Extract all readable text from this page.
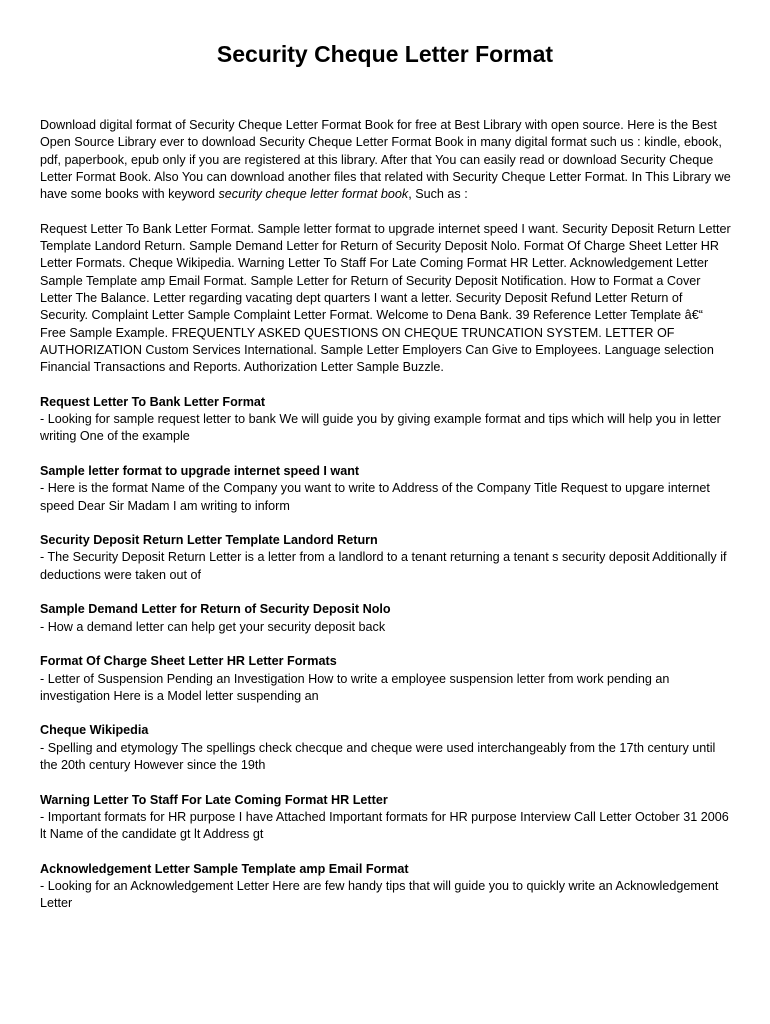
Security Cheque Letter Format

Download digital format of Security Cheque Letter Format Book for free at Best Library with open source. Here is the Best Open Source Library ever to download Security Cheque Letter Format Book in many digital format such us : kindle, ebook, pdf, paperbook, epub only if you are registered at this library. After that You can easily read or download Security Cheque Letter Format Book. Also You can download another files that related with Security Cheque Letter Format. In This Library we have some books with keyword security cheque letter format book, Such as :

Request Letter To Bank Letter Format. Sample letter format to upgrade internet speed I want. Security Deposit Return Letter Template Landord Return. Sample Demand Letter for Return of Security Deposit Nolo. Format Of Charge Sheet Letter HR Letter Formats. Cheque Wikipedia. Warning Letter To Staff For Late Coming Format HR Letter. Acknowledgement Letter Sample Template amp Email Format. Sample Letter for Return of Security Deposit Notification. How to Format a Cover Letter The Balance. Letter regarding vacating dept quarters I want a letter. Security Deposit Refund Letter Return of Security. Complaint Letter Sample Complaint Letter Format. Welcome to Dena Bank. 39 Reference Letter Template â€“ Free Sample Example. FREQUENTLY ASKED QUESTIONS ON CHEQUE TRUNCATION SYSTEM. LETTER OF AUTHORIZATION Custom Services International. Sample Letter Employers Can Give to Employees. Language selection Financial Transactions and Reports. Authorization Letter Sample Buzzle.

Request Letter To Bank Letter Format
- Looking for sample request letter to bank We will guide you by giving example format and tips which will help you in letter writing One of the example
Sample letter format to upgrade internet speed I want
- Here is the format Name of the Company you want to write to Address of the Company Title Request to upgare internet speed Dear Sir Madam I am writing to inform
Security Deposit Return Letter Template Landord Return
- The Security Deposit Return Letter is a letter from a landlord to a tenant returning a tenant s security deposit Additionally if deductions were taken out of
Sample Demand Letter for Return of Security Deposit Nolo
- How a demand letter can help get your security deposit back
Format Of Charge Sheet Letter HR Letter Formats
- Letter of Suspension Pending an Investigation How to write a employee suspension letter from work pending an investigation Here is a Model letter suspending an
Cheque Wikipedia
- Spelling and etymology The spellings check checque and cheque were used interchangeably from the 17th century until the 20th century However since the 19th
Warning Letter To Staff For Late Coming Format HR Letter
- Important formats for HR purpose I have Attached Important formats for HR purpose Interview Call Letter October 31 2006 lt Name of the candidate gt lt Address gt
Acknowledgement Letter Sample Template amp Email Format
- Looking for an Acknowledgement Letter Here are few handy tips that will guide you to quickly write an Acknowledgement Letter
